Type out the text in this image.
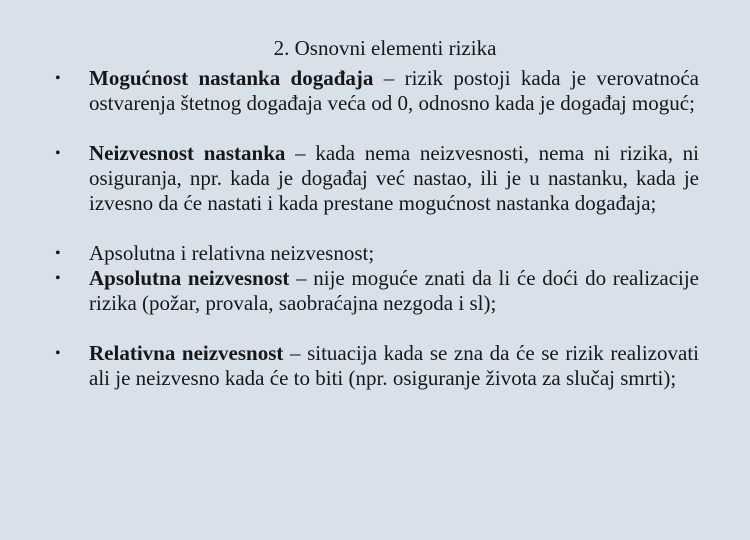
2. Osnovni elementi rizika
• Mogućnost nastanka događaja – rizik postoji kada je verovatnoća ostvarenja štetnog događaja veća od 0, odnosno kada je događaj moguć;
• Neizvesnost nastanka – kada nema neizvesnosti, nema ni rizika, ni osiguranja, npr. kada je događaj već nastao, ili je u nastanku, kada je izvesno da će nastati i kada prestane mogućnost nastanka događaja;
• Apsolutna i relativna neizvesnost;
• Apsolutna neizvesnost – nije moguće znati da li će doći do realizacije rizika (požar, provala, saobraćajna nezgoda i sl);
• Relativna neizvesnost – situacija kada se zna da će se rizik realizovati ali je neizvesno kada će to biti (npr. osiguranje života za slučaj smrti);
